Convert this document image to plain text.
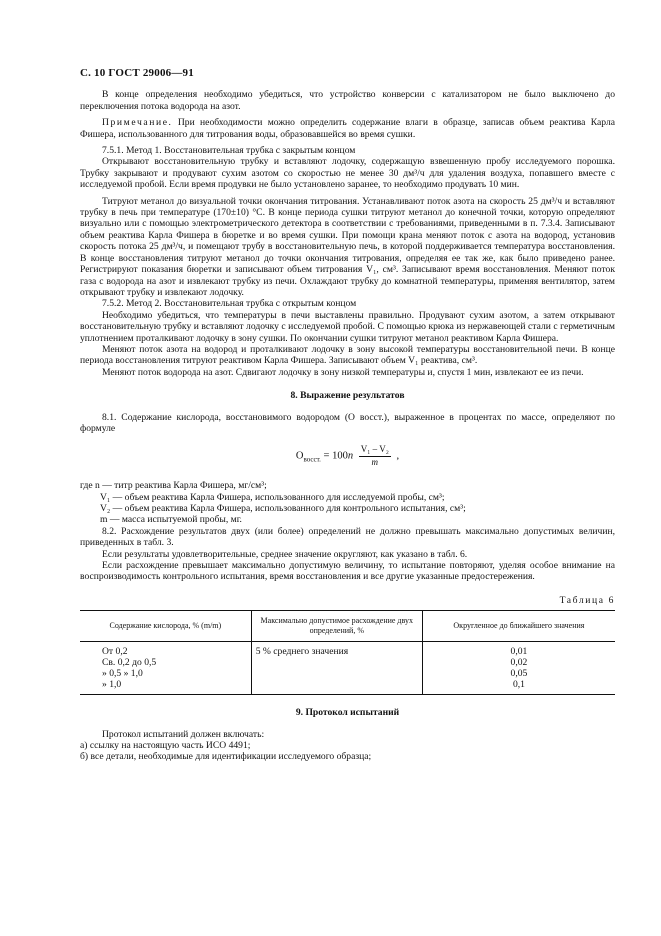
С. 10 ГОСТ 29006—91

В конце определения необходимо убедиться, что устройство конверсии с катализатором не было выключено до переключения потока водорода на азот.

Примечание. При необходимости можно определить содержание влаги в образце, записав объем реактива Карла Фишера, использованного для титрования воды, образовавшейся во время сушки.

7.5.1. Метод 1. Восстановительная трубка с закрытым концом

Открывают восстановительную трубку и вставляют лодочку, содержащую взвешенную пробу исследуемого порошка. Трубку закрывают и продувают сухим азотом со скоростью не менее 30 дм³/ч для удаления воздуха, попавшего вместе с исследуемой пробой. Если время продувки не было установлено заранее, то необходимо продувать 10 мин.

Титруют метанол до визуальной точки окончания титрования. Устанавливают поток азота на скорость 25 дм³/ч и вставляют трубку в печь при температуре (170±10) °С. В конце периода сушки титруют метанол до конечной точки, которую определяют визуально или с помощью электрометрического детектора в соответствии с требованиями, приведенными в п. 7.3.4. Записывают объем реактива Карла Фишера в бюретке и во время сушки. При помощи крана меняют поток с азота на водород, установив скорость потока 25 дм³/ч, и помещают трубу в восстановительную печь, в которой поддерживается температура восстановления. В конце восстановления титруют метанол до точки окончания титрования, определяя ее так же, как было приведено ранее. Регистрируют показания бюретки и записывают объем титрования V₁, см³. Записывают время восстановления. Меняют поток газа с водорода на азот и извлекают трубку из печи. Охлаждают трубку до комнатной температуры, применяя вентилятор, затем открывают трубку и извлекают лодочку.

7.5.2. Метод 2. Восстановительная трубка с открытым концом

Необходимо убедиться, что температуры в печи выставлены правильно. Продувают сухим азотом, а затем открывают восстановительную трубку и вставляют лодочку с исследуемой пробой. С помощью крюка из нержавеющей стали с герметичным уплотнением проталкивают лодочку в зону сушки. По окончании сушки титруют метанол реактивом Карла Фишера.

Меняют поток азота на водород и проталкивают лодочку в зону высокой температуры восстановительной печи. В конце периода восстановления титруют реактивом Карла Фишера. Записывают объем V₁ реактива, см³.

Меняют поток водорода на азот. Сдвигают лодочку в зону низкой температуры и, спустя 1 мин, извлекают ее из печи.

8. Выражение результатов

8.1. Содержание кислорода, восстановимого водородом (О восст.), выраженное в процентах по массе, определяют по формуле

$О_{восст.} = 100n \frac{\text{V₁ – V₂}}{m}$ ,

где n — титр реактива Карла Фишера, мг/см³;

V₁ — объем реактива Карла Фишера, использованного для исследуемой пробы, см³;

V₂ — объем реактива Карла Фишера, использованного для контрольного испытания, см³;

m — масса испытуемой пробы, мг.

8.2. Расхождение результатов двух (или более) определений не должно превышать максимально допустимых величин, приведенных в табл. 3.

Если результаты удовлетворительные, среднее значение округляют, как указано в табл. 6.

Если расхождение превышает максимально допустимую величину, то испытание повторяют, уделяя особое внимание на воспроизводимость контрольного испытания, время восстановления и все другие указанные предостережения.

Таблица 6
Содержание кислорода, % (m/m)	Максимально допустимое расхождение двух определений, %	Округленное до ближайшего значения
От 0,2	5 % среднего значения	0,01
Св. 0,2 до 0,5		0,02
» 0,5 » 1,0		0,05
» 1,0		0,1
9. Протокол испытаний

Протокол испытаний должен включать:

а) ссылку на настоящую часть ИСО 4491;

б) все детали, необходимые для идентификации исследуемого образца;
